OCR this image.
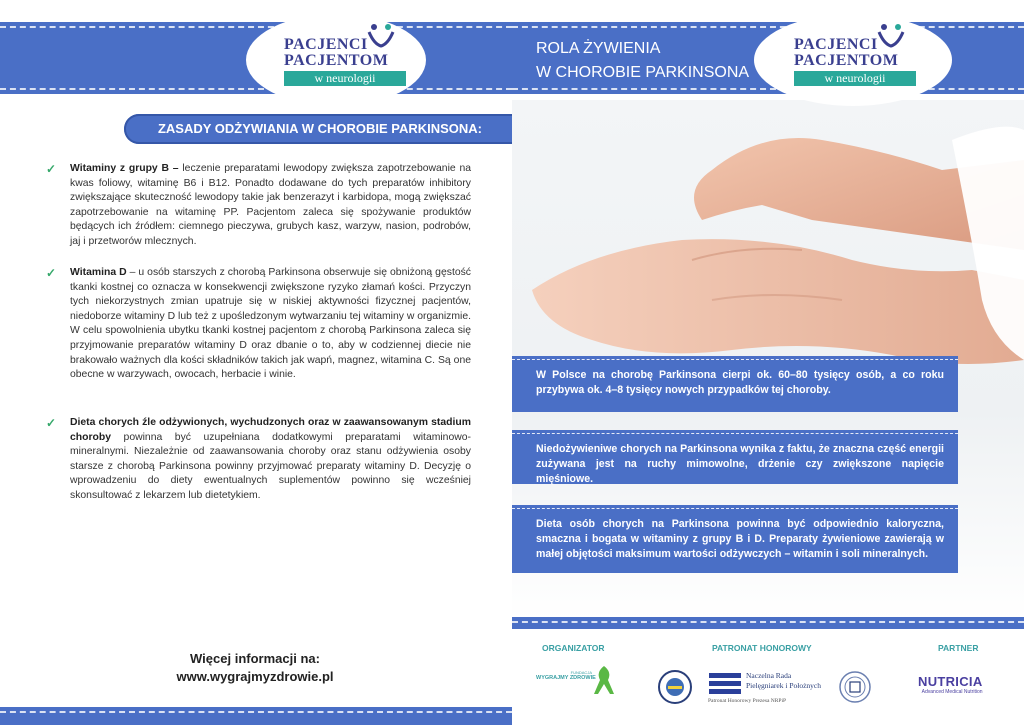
PACJENCI
PACJENTOM
w neurologii
ZASADY ODŻYWIANIA W CHOROBIE PARKINSONA:
✓ Witaminy z grupy B – leczenie preparatami lewodopy zwiększa zapotrzebowanie na kwas foliowy, witaminę B6 i B12. Ponadto dodawane do tych preparatów inhibitory zwiększające skuteczność lewodopy takie jak benzerazyt i karbidopa, mogą zwiększać zapotrzebowanie na witaminę PP. Pacjentom zaleca się spożywanie produktów będących ich źródłem: ciemnego pieczywa, grubych kasz, warzyw, nasion, podrobów, jaj i przetworów mlecznych.
✓ Witamina D – u osób starszych z chorobą Parkinsona obserwuje się obniżoną gęstość tkanki kostnej co oznacza w konsekwencji zwiększone ryzyko złamań kości. Przyczyn tych niekorzystnych zmian upatruje się w niskiej aktywności fizycznej pacjentów, niedoborze witaminy D lub też z upośledzonym wytwarzaniu tej witaminy w organizmie. W celu spowolnienia ubytku tkanki kostnej pacjentom z chorobą Parkinsona zaleca się przyjmowanie preparatów witaminy D oraz dbanie o to, aby w codziennej diecie nie brakowało ważnych dla kości składników takich jak wapń, magnez, witamina C. Są one obecne w warzywach, owocach, herbacie i winie.
✓ Dieta chorych źle odżywionych, wychudzonych oraz w zaawansowanym stadium choroby powinna być uzupełniana dodatkowymi preparatami witaminowo-mineralnymi. Niezależnie od zaawansowania choroby oraz stanu odżywienia osoby starsze z chorobą Parkinsona powinny przyjmować preparaty witaminy D. Decyzję o wprowadzeniu do diety ewentualnych suplementów powinno się wcześniej skonsultować z lekarzem lub dietetykiem.
Więcej informacji na:
www.wygrajmyzdrowie.pl
ROLA ŻYWIENIA
W CHOROBIE PARKINSONA
PACJENCI
PACJENTOM
w neurologii
W Polsce na chorobę Parkinsona cierpi ok. 60–80 tysięcy osób, a co roku przybywa ok. 4–8 tysięcy nowych przypadków tej choroby.
Niedożywieniwe chorych na Parkinsona wynika z faktu, że znaczna część energii zużywana jest na ruchy mimowolne, drżenie czy zwiększone napięcie mięśniowe.
Dieta osób chorych na Parkinsona powinna być odpowiednio kaloryczna, smaczna i bogata w witaminy z grupy B i D. Preparaty żywieniowe zawierają w małej objętości maksimum wartości odżywczych – witamin i soli mineralnych.
ORGANIZATOR	PATRONAT HONOROWY	PARTNER
FUNDACJA
WYGRAJMY ZDROWIE	Naczelna Rada
Pielęgniarek i Położnych
Patronat Honorowy Prezesa NRPiP
NUTRICIA
Advanced Medical Nutrition
